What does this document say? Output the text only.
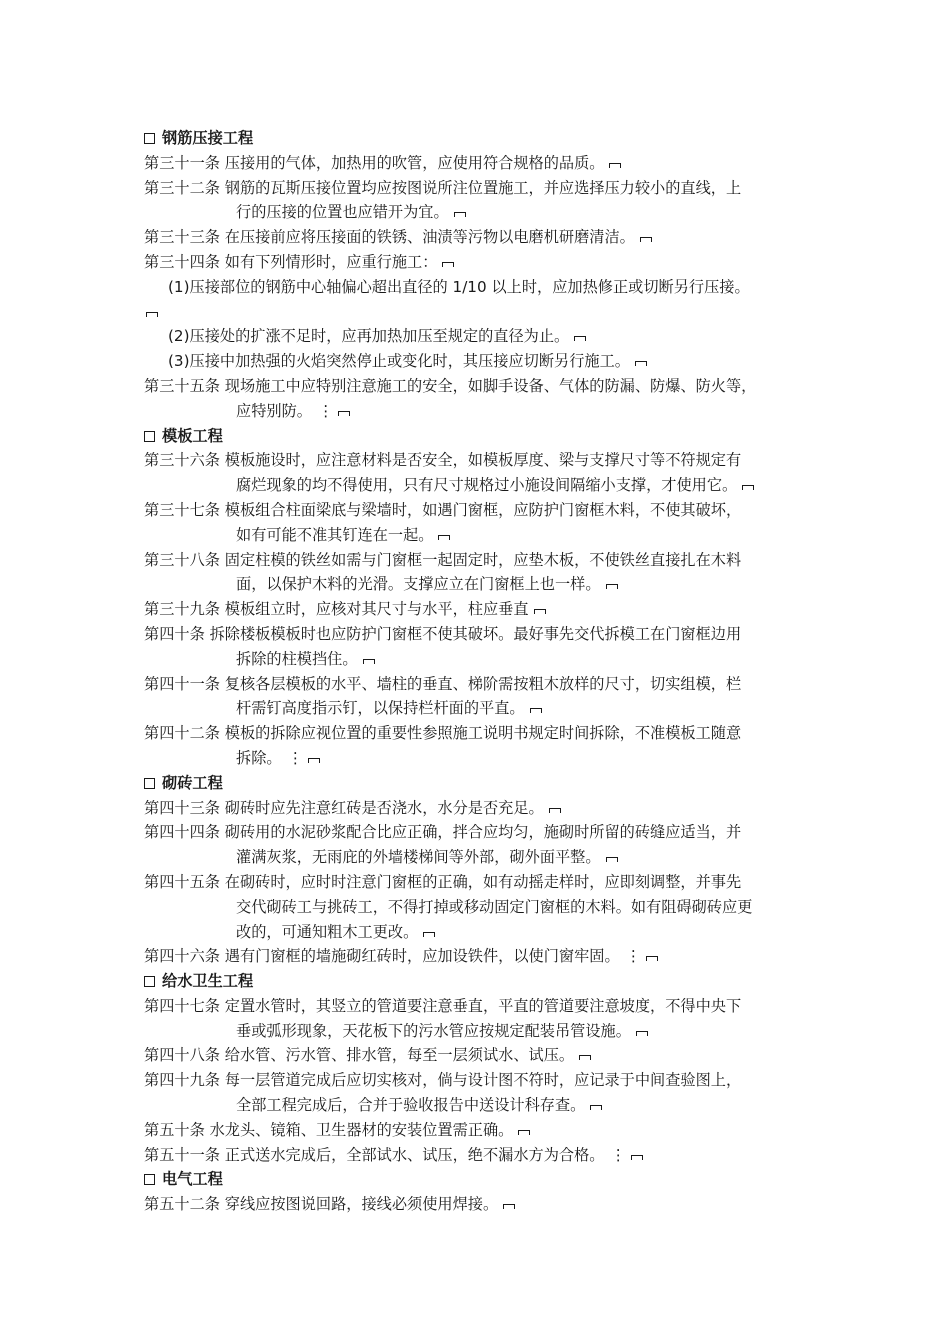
钢筋压接工程
第三十一条 压接用的气体，加热用的吹管，应使用符合规格的品质。
第三十二条 钢筋的瓦斯压接位置均应按图说所注位置施工，并应选择压力较小的直线，上
行的压接的位置也应错开为宜。
第三十三条 在压接前应将压接面的铁锈、油渍等污物以电磨机研磨清洁。
第三十四条 如有下列情形时，应重行施工：
(1)压接部位的钢筋中心轴偏心超出直径的 1/10 以上时，应加热修正或切断另行压接。
(2)压接处的扩涨不足时，应再加热加压至规定的直径为止。
(3)压接中加热强的火焰突然停止或变化时，其压接应切断另行施工。
第三十五条 现场施工中应特别注意施工的安全，如脚手设备、气体的防漏、防爆、防火等，
应特别防。 ⋮
模板工程
第三十六条 模板施设时，应注意材料是否安全，如模板厚度、梁与支撑尺寸等不符规定有
腐烂现象的均不得使用，只有尺寸规格过小施设间隔缩小支撑，才使用它。
第三十七条 模板组合柱面梁底与梁墙时，如遇门窗框，应防护门窗框木料，不使其破坏，
如有可能不准其钉连在一起。
第三十八条 固定柱模的铁丝如需与门窗框一起固定时，应垫木板，不使铁丝直接扎在木料
面，以保护木料的光滑。支撑应立在门窗框上也一样。
第三十九条 模板组立时，应核对其尺寸与水平，柱应垂直
第四十条 拆除楼板模板时也应防护门窗框不使其破坏。最好事先交代拆模工在门窗框边用
拆除的柱模挡住。
第四十一条 复核各层模板的水平、墙柱的垂直、梯阶需按粗木放样的尺寸，切实组模，栏
杆需钉高度指示钉，以保持栏杆面的平直。
第四十二条 模板的拆除应视位置的重要性参照施工说明书规定时间拆除，不准模板工随意
拆除。 ⋮
砌砖工程
第四十三条 砌砖时应先注意红砖是否浇水，水分是否充足。
第四十四条 砌砖用的水泥砂浆配合比应正确，拌合应均匀，施砌时所留的砖缝应适当，并
灌满灰浆，无雨庇的外墙楼梯间等外部，砌外面平整。
第四十五条 在砌砖时，应时时注意门窗框的正确，如有动摇走样时，应即刻调整，并事先
交代砌砖工与挑砖工，不得打掉或移动固定门窗框的木料。如有阻碍砌砖应更
改的，可通知粗木工更改。
第四十六条 遇有门窗框的墙施砌红砖时，应加设铁件，以使门窗牢固。 ⋮
给水卫生工程
第四十七条 定置水管时，其竖立的管道要注意垂直，平直的管道要注意坡度，不得中央下
垂或弧形现象，天花板下的污水管应按规定配装吊管设施。
第四十八条 给水管、污水管、排水管，每至一层须试水、试压。
第四十九条 每一层管道完成后应切实核对，倘与设计图不符时，应记录于中间查验图上，
全部工程完成后，合并于验收报告中送设计科存查。
第五十条 水龙头、镜箱、卫生器材的安装位置需正确。
第五十一条 正式送水完成后，全部试水、试压，绝不漏水方为合格。 ⋮
电气工程
第五十二条 穿线应按图说回路，接线必须使用焊接。
